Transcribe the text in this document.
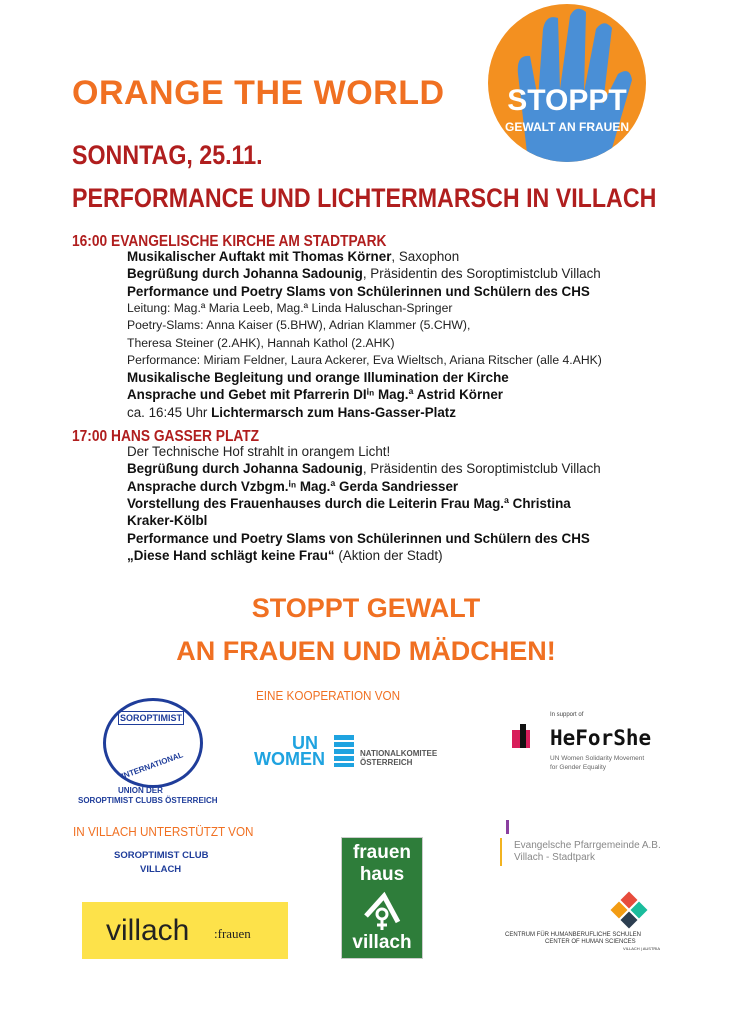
ORANGE THE WORLD	STOPPT
GEWALT AN FRAUEN
SONNTAG, 25.11.
PERFORMANCE UND LICHTERMARSCH IN VILLACH
16:00 EVANGELISCHE KIRCHE AM STADTPARK
Musikalischer Auftakt mit Thomas Körner, Saxophon
Begrüßung durch Johanna Sadounig, Präsidentin des Soroptimistclub Villach
Performance und Poetry Slams von Schülerinnen und Schülern des CHS
Leitung: Mag.ª Maria Leeb, Mag.ª Linda Haluschan-Springer
Poetry-Slams: Anna Kaiser (5.BHW), Adrian Klammer (5.CHW),
Theresa Steiner (2.AHK), Hannah Kathol (2.AHK)
Performance: Miriam Feldner, Laura Ackerer, Eva Wieltsch, Ariana Ritscher (alle 4.AHK)
Musikalische Begleitung und orange Illumination der Kirche
Ansprache und Gebet mit Pfarrerin DIⁱⁿ Mag.ª Astrid Körner
ca. 16:45 Uhr Lichtermarsch zum Hans-Gasser-Platz
17:00 HANS GASSER PLATZ
Der Technische Hof strahlt in orangem Licht!
Begrüßung durch Johanna Sadounig, Präsidentin des Soroptimistclub Villach
Ansprache durch Vzbgm.ⁱⁿ Mag.ª Gerda Sandriesser
Vorstellung des Frauenhauses durch die Leiterin Frau Mag.ª Christina
Kraker-Kölbl
Performance und Poetry Slams von Schülerinnen und Schülern des CHS
„Diese Hand schlägt keine Frau“ (Aktion der Stadt)
STOPPT GEWALT
AN FRAUEN UND MÄDCHEN!
EINE KOOPERATION VON
SOROPTIMIST
INTERNATIONAL
UNION DER
SOROPTIMIST CLUBS ÖSTERREICH
UN
WOMEN	NATIONALKOMITEE
ÖSTERREICH
In support of
HeForShe
UN Women Solidarity Movement
for Gender Equality
IN VILLACH UNTERSTÜTZT VON
SOROPTIMIST CLUB
VILLACH
villach :frauen
frauen
haus
villach
Evangelsche Pfarrgemeinde A.B.
Villach - Stadtpark
CENTRUM FÜR HUMANBERUFLICHE SCHULEN
CENTER OF HUMAN SCIENCES
VILLACH | AUSTRIA
